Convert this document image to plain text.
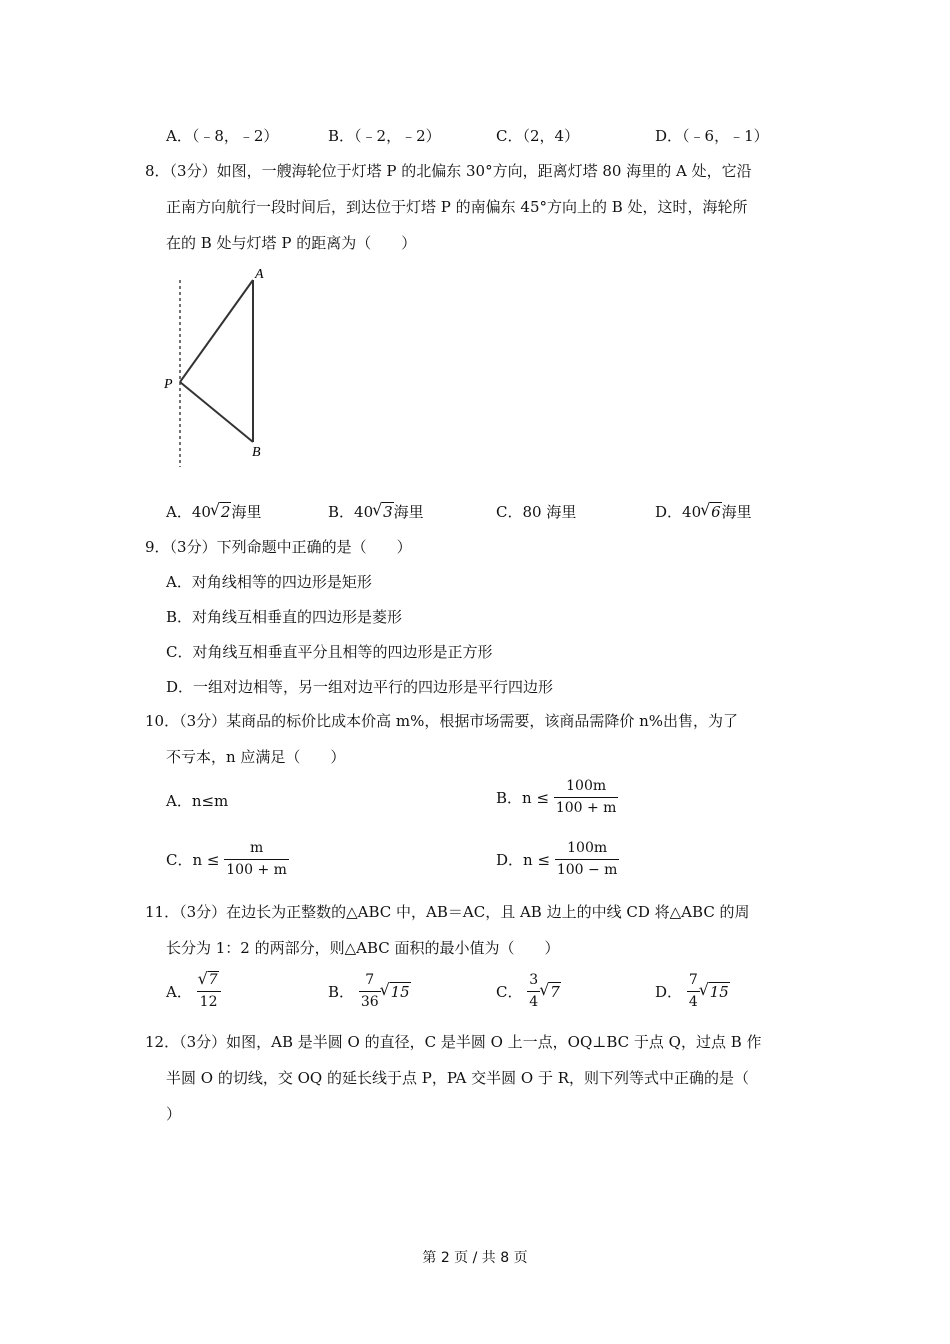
A．（﹣8，﹣2）	B．（﹣2，﹣2）	C．（2，4）	D．（﹣6，﹣1）
8．（3分）如图，一艘海轮位于灯塔 P 的北偏东 30°方向，距离灯塔 80 海里的 A 处，它沿
正南方向航行一段时间后，到达位于灯塔 P 的南偏东 45°方向上的 B 处，这时，海轮所
在的 B 处与灯塔 P 的距离为（　　）
A
P
B
A．40 √ 2海里	B．40 √ 3海里	C．80 海里	D．40 √ 6海里
9．（3分）下列命题中正确的是（　　）
A．对角线相等的四边形是矩形
B．对角线互相垂直的四边形是菱形
C．对角线互相垂直平分且相等的四边形是正方形
D．一组对边相等，另一组对边平行的四边形是平行四边形
10．（3分）某商品的标价比成本价高 m%，根据市场需要，该商品需降价 n%出售，为了
不亏本，n 应满足（　　）
A．n≤m	B．$n \le \frac{100m}{100 + m}$
C．$n \le \frac{m}{100 + m}$	D．$n \le \frac{100m}{100 - m}$
11．（3分）在边长为正整数的△ABC 中，AB＝AC，且 AB 边上的中线 CD 将△ABC 的周
长分为 1：2 的两部分，则△ABC 面积的最小值为（　　）
A． √ $\frac{7}{12}$	B． $\frac{7}{36}$ √ 15	C． $\frac{3}{4}$ √ 7	D． $\frac{7}{4}$ √ 15
12．（3分）如图，AB 是半圆 O 的直径，C 是半圆 O 上一点，OQ⊥BC 于点 Q，过点 B 作
半圆 O 的切线，交 OQ 的延长线于点 P，PA 交半圆 O 于 R，则下列等式中正确的是（
）
第 2 页 / 共 8 页
